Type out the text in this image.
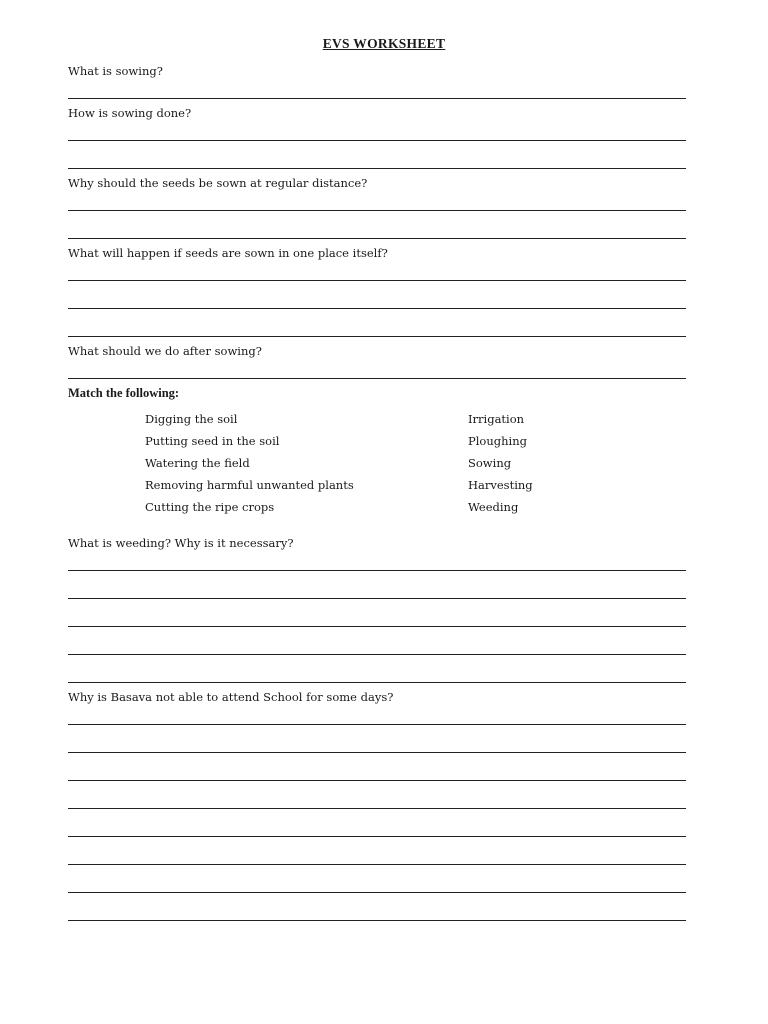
EVS WORKSHEET
What is sowing?
How is sowing done?
Why should the seeds be sown at regular distance?
What will happen if seeds are sown in one place itself?
What should we do after sowing?
Match the following:
Digging the soil
Putting seed in the soil
Watering the field
Removing harmful unwanted plants
Cutting the ripe crops
Irrigation
Ploughing
Sowing
Harvesting
Weeding
What is weeding? Why is it necessary?
Why is Basava not able to attend School for some days?
